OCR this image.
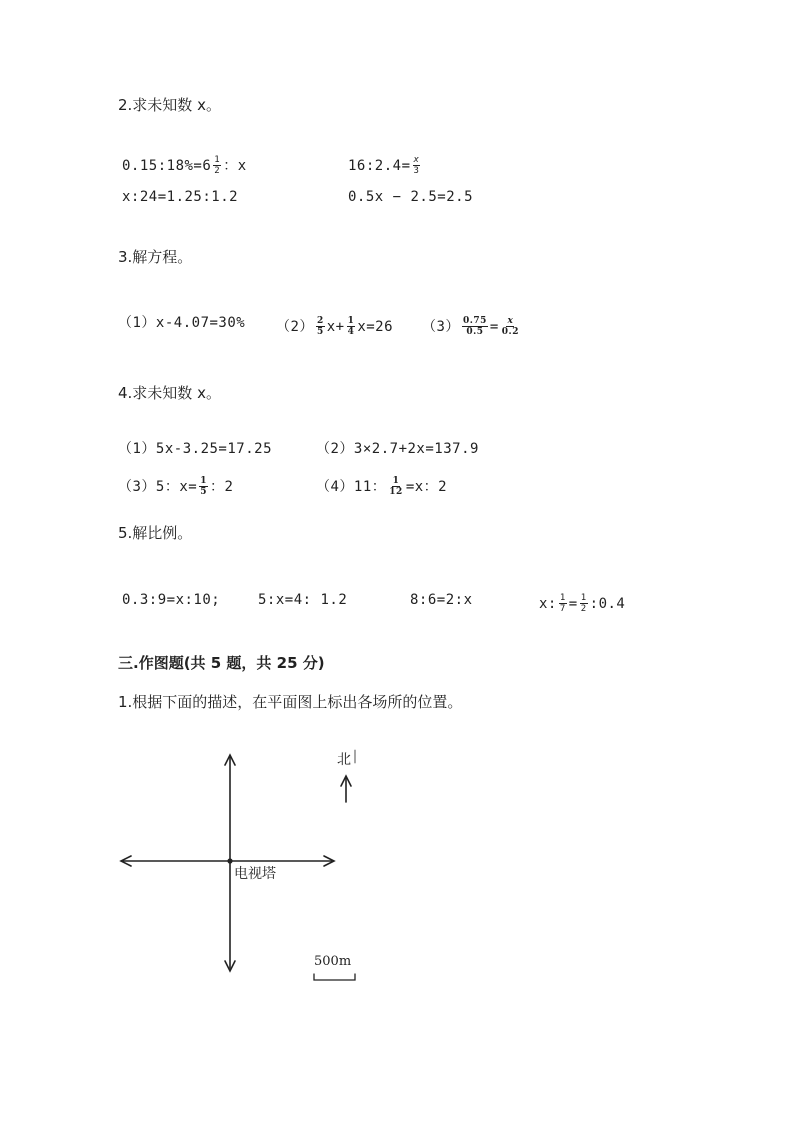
2.求未知数 x。
0.15:18%=6 $\frac{1}{2}$ ：x	16:2.4= $\frac{x}{3}$
x:24=1.25:1.2	0.5x − 2.5=2.5
3.解方程。
（1）x-4.07=30% $(2) \frac{2}{5} x+ \frac{1}{4} x=26$ $(3) \frac{0.75}{0.5} = \frac{x}{0.2}$
4.求未知数 x。
（1）5x-3.25=17.25	（2）3×2.7+2x=137.9
（3）5：$x= \frac{1}{5}$ ：2	（4）11： $\frac{1}{12} =x$：2
5.解比例。
0.3:9=x:10;	5:x=4: 1.2	8:6=2:x	x: $\frac{1}{7} = \frac{1}{2}$ :0.4
三.作图题(共 5 题，共 25 分)
1.根据下面的描述，在平面图上标出各场所的位置。
北
电视塔
500m
